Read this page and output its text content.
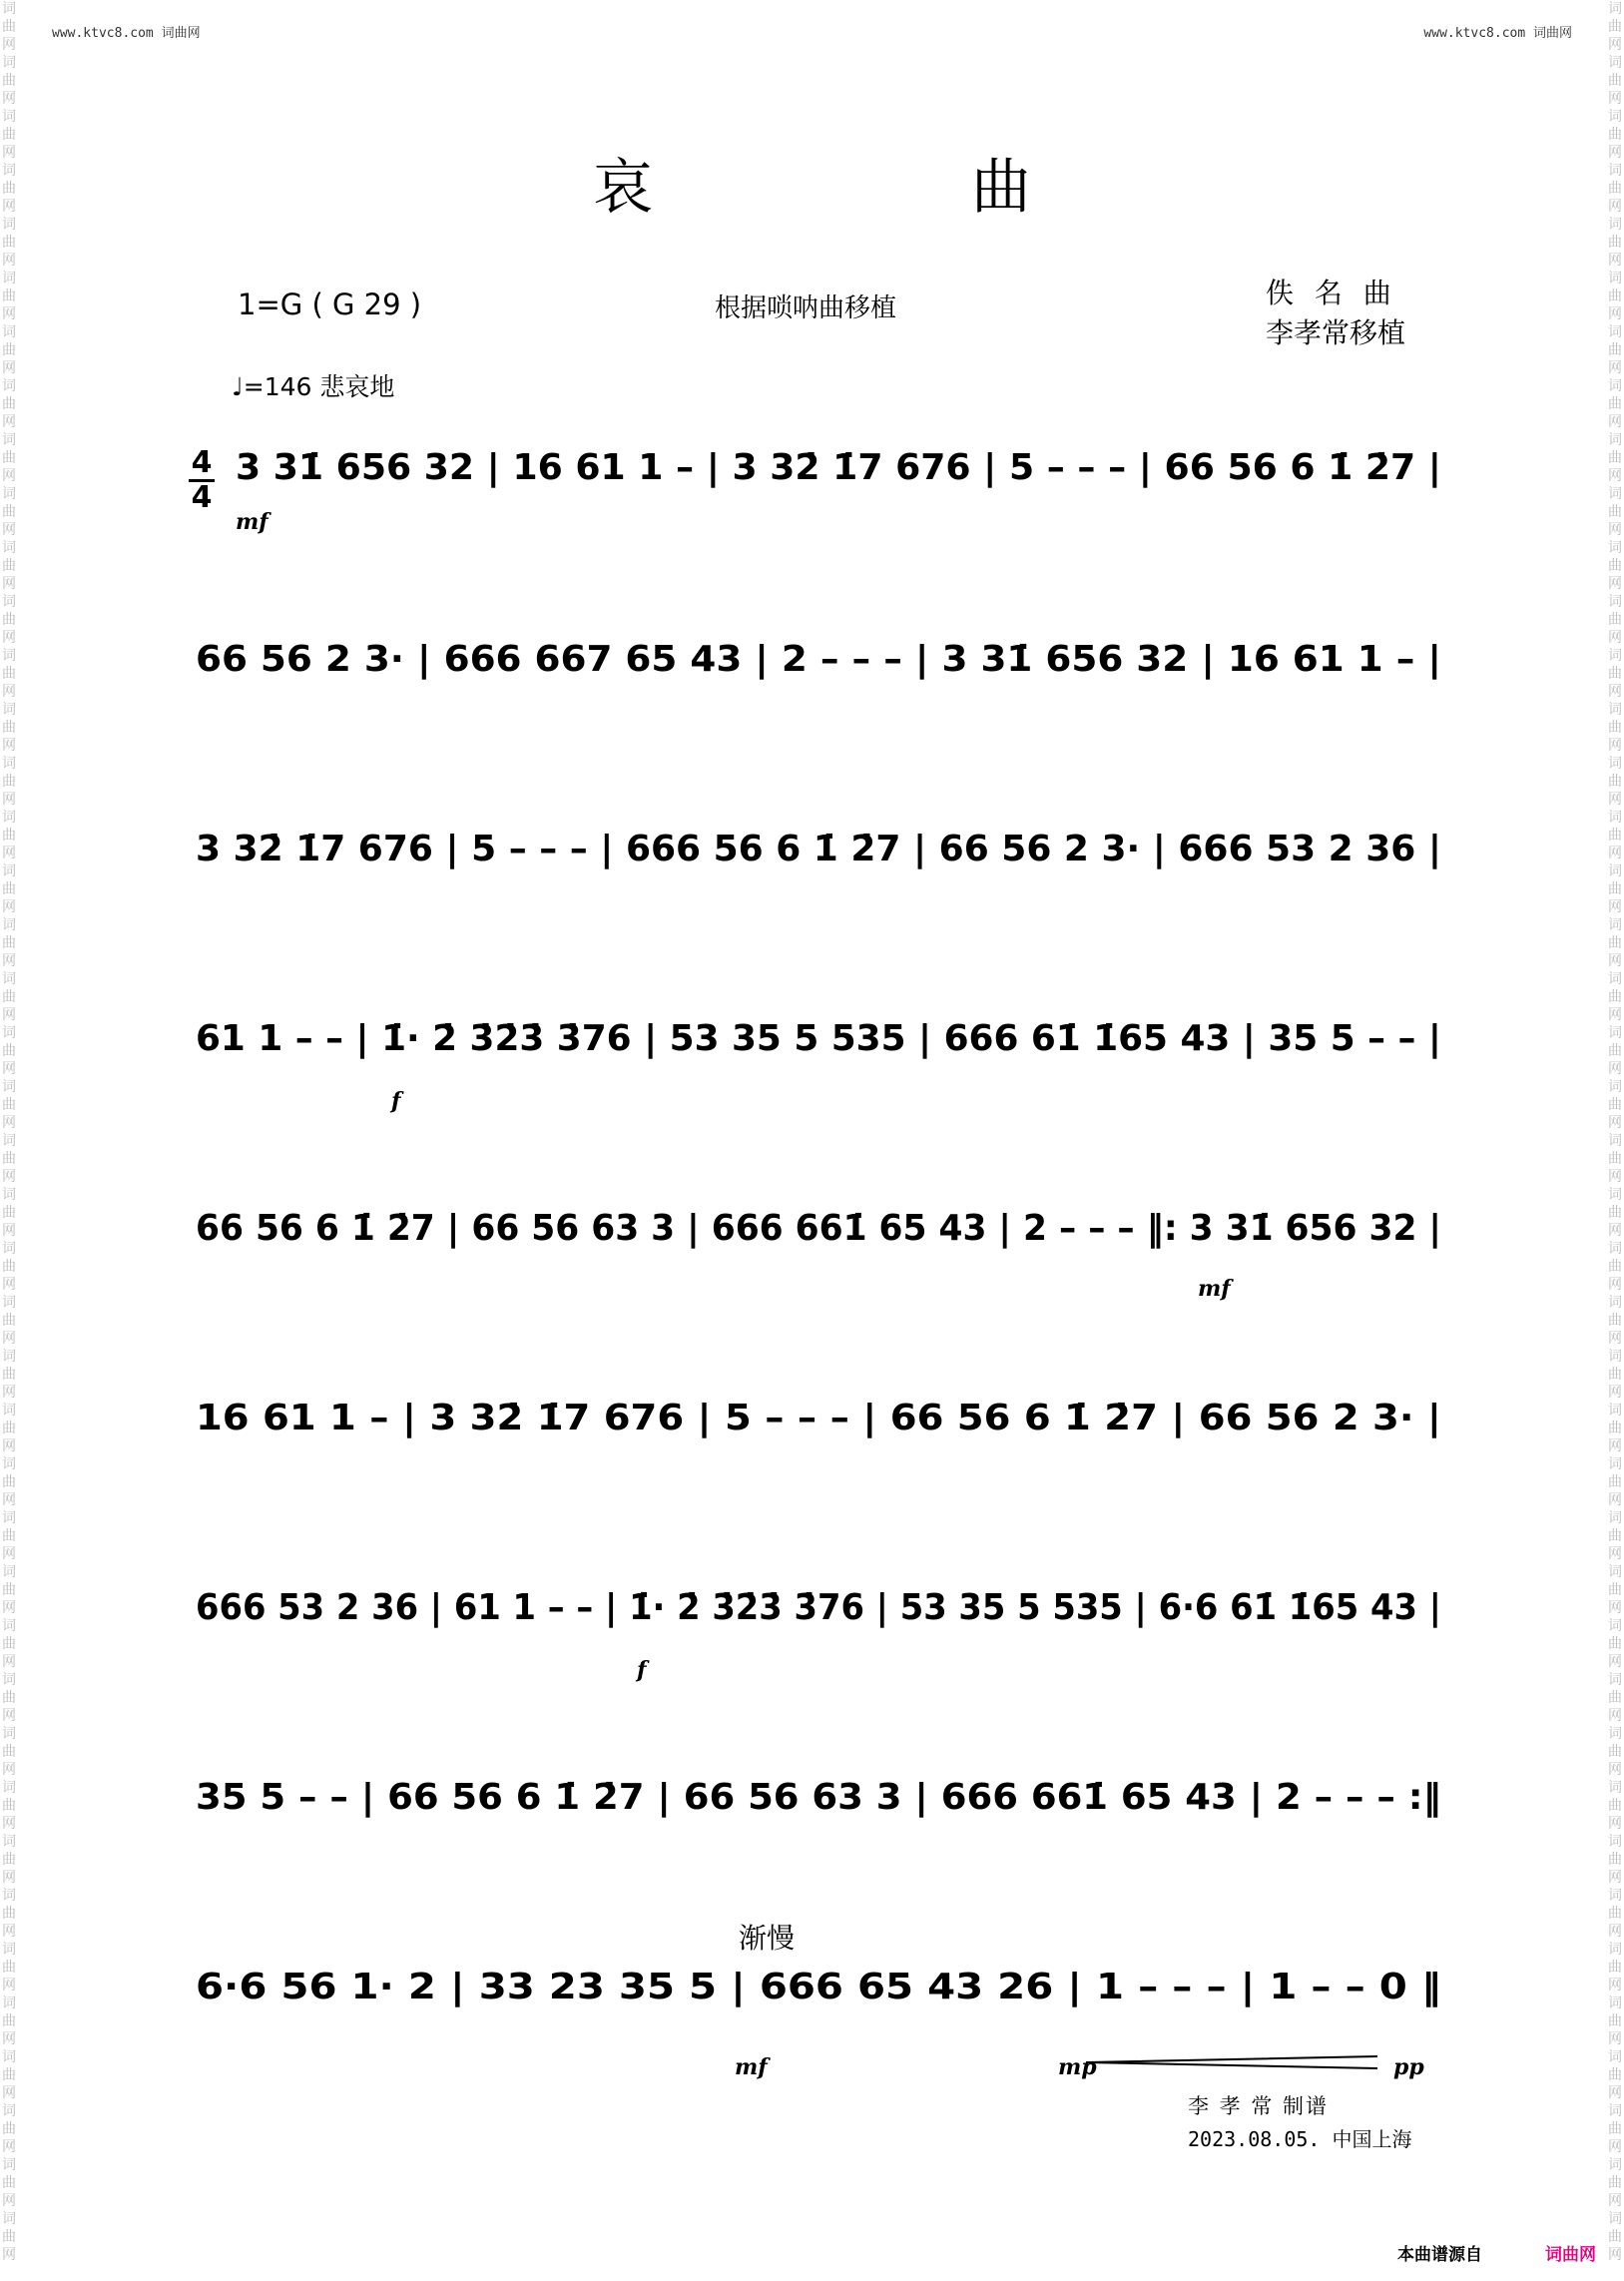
www.ktvc8.com 词曲网	www.ktvc8.com 词曲网
词
曲
网
词
曲
网
词
曲
网
词
曲
网
词
曲
网
词
曲
网
词
曲
网
词
曲
网
词
曲
网
词
曲
网
词
曲
网
词
曲
网
词
曲
网
词
曲
网
词
曲
网
词
曲
网
词
曲
网
词
曲
网
词
曲
网
词
曲
网
词
曲
网
词
曲
网
词
曲
网
词
曲
网
词
曲
网
词
曲
网
词
曲
网
词
曲
网
词
曲
网
词
曲
网
词
曲
网
词
曲
网
词
曲
网
词
曲
网
词
曲
网
词
曲
网
词
曲
网
词
曲
网
词
曲
网
词
曲
网
词
曲
网
词
曲
网
词
曲
网
词
曲
网
词
曲
网
词
曲
网
词
曲
网
词
曲
网
词
曲
网
词
曲
网
词
曲
网
词
曲
网
词
曲
网
词
曲
网
词
曲
网
词
曲
网
词
曲
网
词
曲
网
词
曲
网
词
曲
网
词
曲
网
词
曲
网
词
曲
网
词
曲
网
词
曲
网
词
曲
网
词
曲
网
词
曲
网
词
曲
网
词
曲
网
词
曲
网
词
曲
网
词
曲
网
词
曲
网
词
曲
网
词
曲
网
词
曲
网
词
曲
网
词
曲
网
词
曲
网
词
曲
网
词
曲
网
词
曲
网
词
曲
网
哀 曲
1=G ( G 29 )	根据唢呐曲移植	佚 名 曲
李孝常移植
♩=146 悲哀地
4
4
3 31̇ 656 32 | 16 61 1 – | 3 32̇ 1̇7 676 | 5 – – – | 66 56 6 1̇ 2̇7 |
66 56 2 3· | 666 667 65 43 | 2 – – – | 3 31̇ 656 32 | 16 61 1 – |
3 32̇ 1̇7 676 | 5 – – – | 666 56 6 1̇ 2̇7 | 66 56 2 3· | 666 53 2 36 |
61 1 – – | 1̇· 2̇ 3̇2̇3̇ 3̇76 | 53 35 5 535 | 666 61̇ 1̇65 43 | 35 5 – – |
66 56 6 1̇ 2̇7 | 66 56 63 3 | 666 661̇ 65 43 | 2 – – – ‖: 3 31̇ 656 32 |
16 61 1 – | 3 32̇ 1̇7 676 | 5 – – – | 66 56 6 1̇ 2̇7 | 66 56 2 3· |
666 53 2 36 | 61 1 – – | 1̇· 2̇ 3̇2̇3̇ 3̇76 | 53 35 5 535 | 6·6 61̇ 1̇65 43 |
35 5 – – | 66 56 6 1̇ 2̇7 | 66 56 63 3 | 666 661̇ 65 43 | 2 – – – :‖
6·6 56 1· 2 | 33 23 35 5 | 666 65 43 26 | 1 – – – | 1 – – 0 ‖
mf
f
mf
f
mf	mp	pp
渐慢
李 孝 常 制谱
2023.08.05. 中国上海
本曲谱源自	词曲网
